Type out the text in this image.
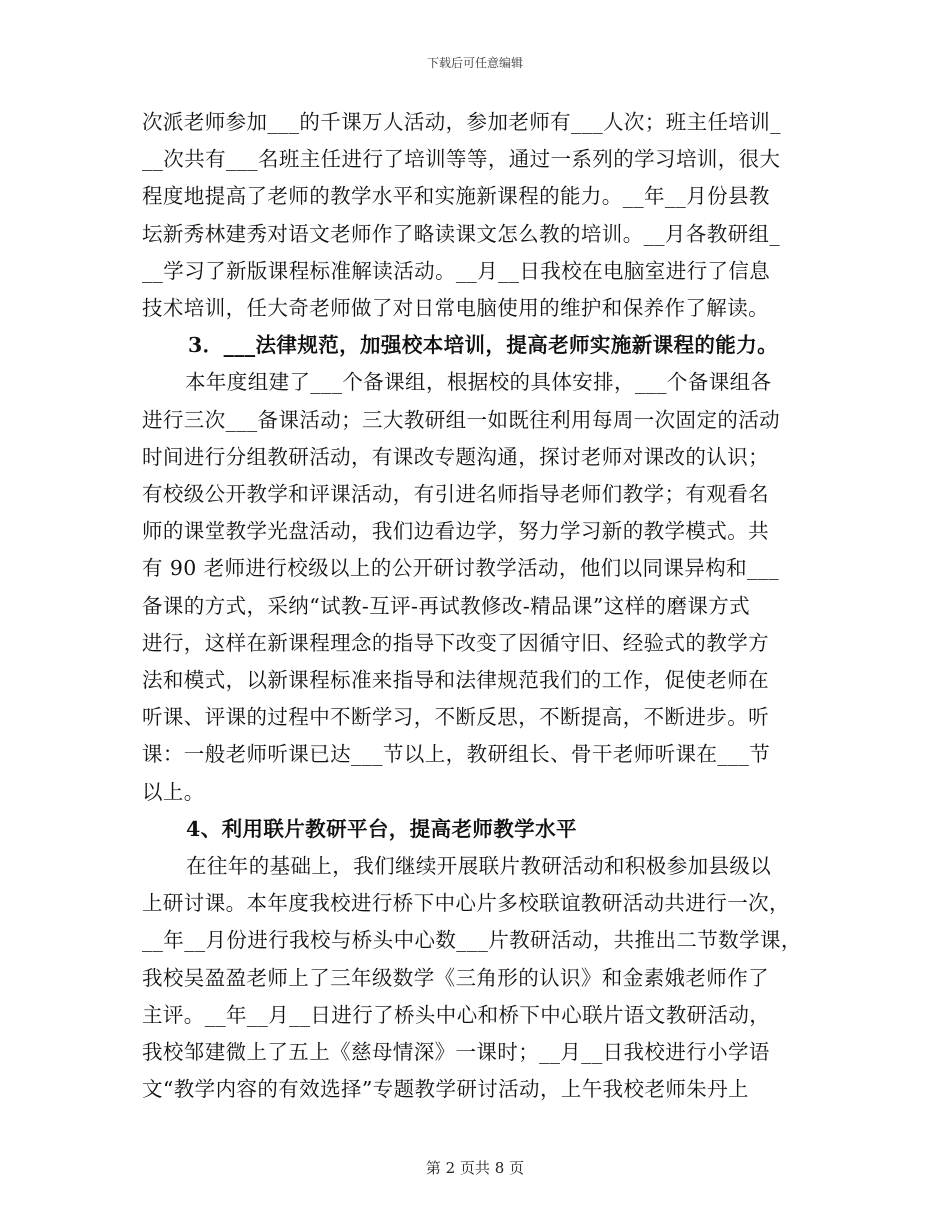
下载后可任意编辑
次派老师参加___的千课万人活动，参加老师有___人次；班主任培训_
__次共有___名班主任进行了培训等等，通过一系列的学习培训，很大
程度地提高了老师的教学水平和实施新课程的能力。__年__月份县教
坛新秀林建秀对语文老师作了略读课文怎么教的培训。__月各教研组_
__学习了新版课程标准解读活动。__月__日我校在电脑室进行了信息
技术培训，任大奇老师做了对日常电脑使用的维护和保养作了解读。
3．___法律规范，加强校本培训，提高老师实施新课程的能力。
本年度组建了___个备课组，根据校的具体安排，___个备课组各
进行三次___备课活动；三大教研组一如既往利用每周一次固定的活动
时间进行分组教研活动，有课改专题沟通，探讨老师对课改的认识；
有校级公开教学和评课活动，有引进名师指导老师们教学；有观看名
师的课堂教学光盘活动，我们边看边学，努力学习新的教学模式。共
有 90 老师进行校级以上的公开研讨教学活动，他们以同课异构和___
备课的方式，采纳“试教-互评-再试教修改-精品课”这样的磨课方式
进行，这样在新课程理念的指导下改变了因循守旧、经验式的教学方
法和模式，以新课程标准来指导和法律规范我们的工作，促使老师在
听课、评课的过程中不断学习，不断反思，不断提高，不断进步。听
课：一般老师听课已达___节以上，教研组长、骨干老师听课在___节
以上。
4、利用联片教研平台，提高老师教学水平
在往年的基础上，我们继续开展联片教研活动和积极参加县级以
上研讨课。本年度我校进行桥下中心片多校联谊教研活动共进行一次，
__年__月份进行我校与桥头中心数___片教研活动，共推出二节数学课，
我校吴盈盈老师上了三年级数学《三角形的认识》和金素娥老师作了
主评。__年__月__日进行了桥头中心和桥下中心联片语文教研活动，
我校邹建微上了五上《慈母情深》一课时；__月__日我校进行小学语
文“教学内容的有效选择”专题教学研讨活动，上午我校老师朱丹上
第 2 页共 8 页
